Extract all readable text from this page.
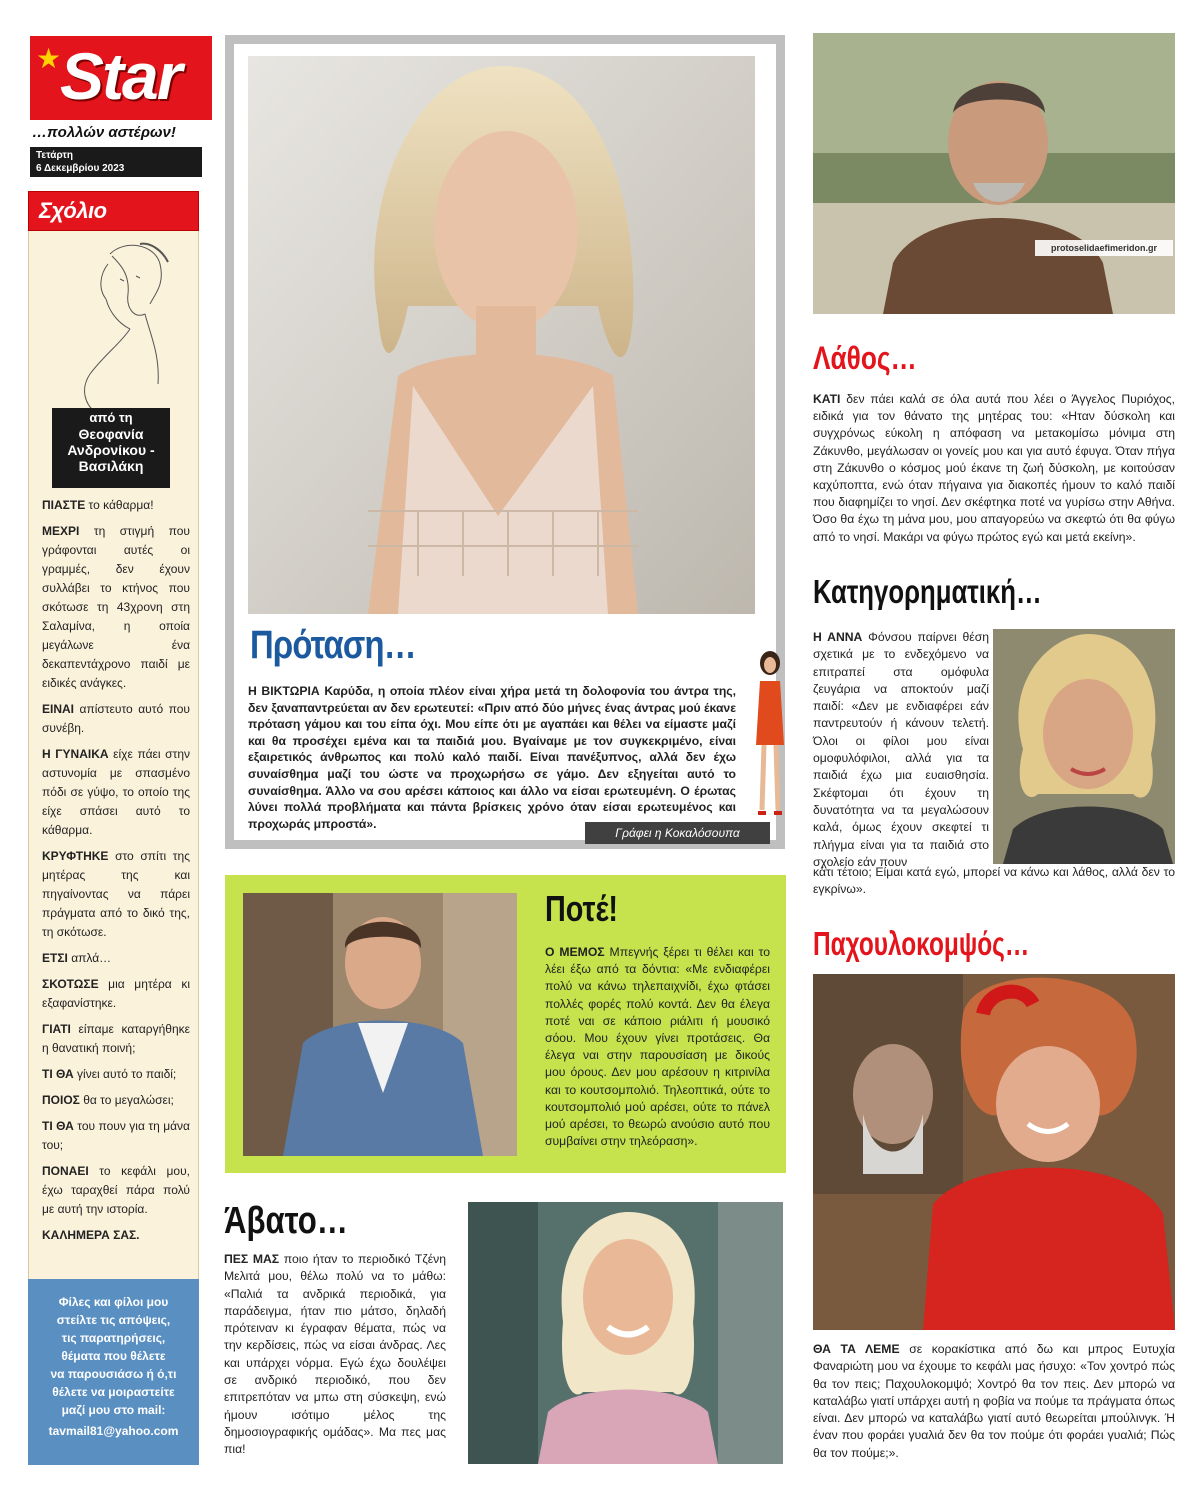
★
Star
…πολλών αστέρων!
Τετάρτη
6 Δεκεμβρίου 2023
Σχόλιο
από τη
Θεοφανία
Ανδρονίκου -
Βασιλάκη

ΠΙΑΣΤΕ το κάθαρμα!

ΜΕΧΡΙ τη στιγμή που γράφονται αυτές οι γραμμές, δεν έχουν συλλάβει το κτήνος που σκότωσε τη 43χρονη στη Σαλαμίνα, η οποία μεγάλωνε ένα δεκαπεντάχρονο παιδί με ειδικές ανάγκες.

ΕΙΝΑΙ απίστευτο αυτό που συνέβη.

Η ΓΥΝΑΙΚΑ είχε πάει στην αστυνομία με σπασμένο πόδι σε γύψο, το οποίο της είχε σπάσει αυτό το κάθαρμα.

ΚΡΥΦΤΗΚΕ στο σπίτι της μητέρας της και πηγαίνοντας να πάρει πράγματα από το δικό της, τη σκότωσε.

ΕΤΣΙ απλά…

ΣΚΟΤΩΣΕ μια μητέρα κι εξαφανίστηκε.

ΓΙΑΤΙ είπαμε καταργήθηκε η θανατική ποινή;

ΤΙ ΘΑ γίνει αυτό το παιδί;

ΠΟΙΟΣ θα το μεγαλώσει;

ΤΙ ΘΑ του πουν για τη μάνα του;

ΠΟΝΑΕΙ το κεφάλι μου, έχω ταραχθεί πάρα πολύ με αυτή την ιστορία.

ΚΑΛΗΜΕΡΑ ΣΑΣ.

Φίλες και φίλοι μου
στείλτε τις απόψεις,
τις παρατηρήσεις,
θέματα που θέλετε
να παρουσιάσω ή ό,τι
θέλετε να μοιραστείτε
μαζί μου στο mail:
tavmail81@yahoo.com
Πρόταση…
Η ΒΙΚΤΩΡΙΑ Καρύδα, η οποία πλέον είναι χήρα μετά τη δολοφονία του άντρα της, δεν ξαναπαντρεύεται αν δεν ερωτευτεί: «Πριν από δύο μήνες ένας άντρας μού έκανε πρόταση γάμου και του είπα όχι. Μου είπε ότι με αγαπάει και θέλει να είμαστε μαζί και θα προσέχει εμένα και τα παιδιά μου. Βγαίναμε με τον συγκεκριμένο, είναι εξαιρετικός άνθρωπος και πολύ καλό παιδί. Είναι πανέξυπνος, αλλά δεν έχω συναίσθημα μαζί του ώστε να προχωρήσω σε γάμο. Δεν εξηγείται αυτό το συναίσθημα. Άλλο να σου αρέσει κάποιος και άλλο να είσαι ερωτευμένη. Ο έρωτας λύνει πολλά προβλήματα και πάντα βρίσκεις χρόνο όταν είσαι ερωτευμένος και προχωράς μπροστά».
Γράφει η Κοκαλόσουπα
Ποτέ!
Ο ΜΕΜΟΣ Μπεγνής ξέρει τι θέλει και το λέει έξω από τα δόντια: «Με ενδιαφέρει πολύ να κάνω τηλεπαιχνίδι, έχω φτάσει πολλές φορές πολύ κοντά. Δεν θα έλεγα ποτέ ναι σε κάποιο ριάλιτι ή μουσικό σόου. Μου έχουν γίνει προτάσεις. Θα έλεγα ναι στην παρουσίαση με δικούς μου όρους. Δεν μου αρέσουν η κιτρινίλα και το κουτσομπολιό. Τηλεοπτικά, ούτε το κουτσομπολιό μού αρέσει, ούτε το πάνελ μού αρέσει, το θεωρώ ανούσιο αυτό που συμβαίνει στην τηλεόραση».
Άβατο…
ΠΕΣ ΜΑΣ ποιο ήταν το περιοδικό Τζένη Μελιτά μου, θέλω πολύ να το μάθω: «Παλιά τα ανδρικά περιοδικά, για παράδειγμα, ήταν πιο μάτσο, δηλαδή πρότειναν κι έγραφαν θέματα, πώς να την κερδίσεις, πώς να είσαι άνδρας. Λες και υπάρχει νόρμα. Εγώ έχω δουλέψει σε ανδρικό περιοδικό, που δεν επιτρεπόταν να μπω στη σύσκεψη, ενώ ήμουν ισότιμο μέλος της δημοσιογραφικής ομάδας». Μα πες μας πια!
protoselidaefimeridon.gr
Λάθος…
ΚΑΤΙ δεν πάει καλά σε όλα αυτά που λέει ο Άγγελος Πυριόχος, ειδικά για τον θάνατο της μητέρας του: «Ηταν δύσκολη και συγχρόνως εύκολη η απόφαση να μετακομίσω μόνιμα στη Ζάκυνθο, μεγάλωσαν οι γονείς μου και για αυτό έφυγα. Όταν πήγα στη Ζάκυνθο ο κόσμος μού έκανε τη ζωή δύσκολη, με κοιτούσαν καχύποπτα, ενώ όταν πήγαινα για διακοπές ήμουν το καλό παιδί που διαφημίζει το νησί. Δεν σκέφτηκα ποτέ να γυρίσω στην Αθήνα. Όσο θα έχω τη μάνα μου, μου απαγορεύω να σκεφτώ ότι θα φύγω από το νησί. Μακάρι να φύγω πρώτος εγώ και μετά εκείνη».
Κατηγορηματική…
Η ΑΝΝΑ Φόνσου παίρνει θέση σχετικά με το ενδεχόμενο να επιτραπεί στα ομόφυλα ζευγάρια να αποκτούν μαζί παιδί: «Δεν με ενδιαφέρει εάν παντρευτούν ή κάνουν τελετή. Όλοι οι φίλοι μου είναι ομοφυλόφιλοι, αλλά για τα παιδιά έχω μια ευαισθησία. Σκέφτομαι ότι έχουν τη δυνατότητα να τα μεγαλώσουν καλά, όμως έχουν σκεφτεί τι πλήγμα είναι για τα παιδιά στο σχολείο εάν πουν
κάτι τέτοιο; Είμαι κατά εγώ, μπορεί να κάνω και λάθος, αλλά δεν το εγκρίνω».
Παχουλοκομψός…
ΘΑ ΤΑ ΛΕΜΕ σε κορακίστικα από δω και μπρος Ευτυχία Φαναριώτη μου να έχουμε το κεφάλι μας ήσυχο: «Τον χοντρό πώς θα τον πεις; Παχουλοκομψό; Χοντρό θα τον πεις. Δεν μπορώ να καταλάβω γιατί υπάρχει αυτή η φοβία να πούμε τα πράγματα όπως είναι. Δεν μπορώ να καταλάβω γιατί αυτό θεωρείται μπούλινγκ. Ή έναν που φοράει γυαλιά δεν θα τον πούμε ότι φοράει γυαλιά; Πώς θα τον πούμε;».
